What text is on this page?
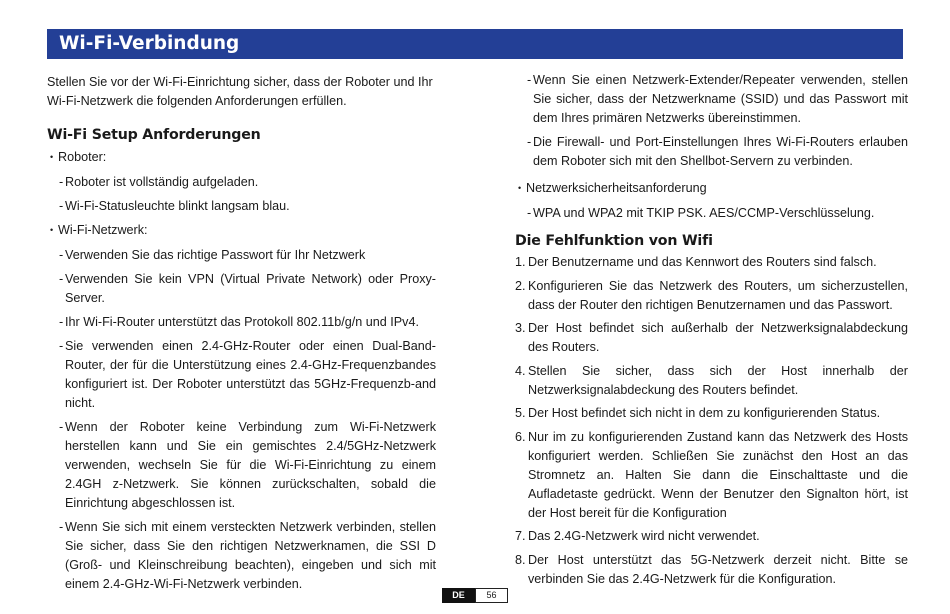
Wi-Fi-Verbindung

Stellen Sie vor der Wi-Fi-Einrichtung sicher, dass der Roboter und Ihr Wi-Fi-Netzwerk die folgenden Anforderungen erfüllen.

Wi-Fi Setup Anforderungen
• Roboter:
- Roboter ist vollständig aufgeladen.
- Wi-Fi-Statusleuchte blinkt langsam blau.
• Wi-Fi-Netzwerk:
- Verwenden Sie das richtige Passwort für Ihr Netzwerk
- Verwenden Sie kein VPN (Virtual Private Network) oder Proxy-Server.
- Ihr Wi-Fi-Router unterstützt das Protokoll 802.11b/g/n und IPv4.
- Sie verwenden einen 2.4-GHz-Router oder einen Dual-Band-Router, der für die Unterstützung eines 2.4-GHz-Frequenzbandes konfiguriert ist. Der Roboter unterstützt das 5GHz-Frequenzb-and nicht.
- Wenn der Roboter keine Verbindung zum Wi-Fi-Netzwerk herstellen kann und Sie ein gemischtes 2.4/5GHz-Netzwerk verwenden, wechseln Sie für die Wi-Fi-Einrichtung zu einem 2.4GH z-Netzwerk. Sie können zurückschalten, sobald die Einrichtung abgeschlossen ist.
- Wenn Sie sich mit einem versteckten Netzwerk verbinden, stellen Sie sicher, dass Sie den richtigen Netzwerknamen, die SSI D (Groß- und Kleinschreibung beachten), eingeben und sich mit einem 2.4-GHz-Wi-Fi-Netzwerk verbinden.
- Wenn Sie einen Netzwerk-Extender/Repeater verwenden, stellen Sie sicher, dass der Netzwerkname (SSID) und das Passwort mit dem Ihres primären Netzwerks übereinstimmen.
- Die Firewall- und Port-Einstellungen Ihres Wi-Fi-Routers erlauben dem Roboter sich mit den Shellbot-Servern zu verbinden.
• Netzwerksicherheitsanforderung
- WPA und WPA2 mit TKIP PSK. AES/CCMP-Verschlüsselung.
Die Fehlfunktion von Wifi
1. Der Benutzername und das Kennwort des Routers sind falsch.
2. Konfigurieren Sie das Netzwerk des Routers, um sicherzustellen, dass der Router den richtigen Benutzernamen und das Passwort.
3. Der Host befindet sich außerhalb der Netzwerksignalabdeckung des Routers.
4. Stellen Sie sicher, dass sich der Host innerhalb der Netzwerksignalabdeckung des Routers befindet.
5. Der Host befindet sich nicht in dem zu konfigurierenden Status.
6. Nur im zu konfigurierenden Zustand kann das Netzwerk des Hosts konfiguriert werden. Schließen Sie zunächst den Host an das Stromnetz an. Halten Sie dann die Einschalttaste und die Aufladetaste gedrückt. Wenn der Benutzer den Signalton hört, ist der Host bereit für die Konfiguration
7. Das 2.4G-Netzwerk wird nicht verwendet.
8. Der Host unterstützt das 5G-Netzwerk derzeit nicht. Bitte se verbinden Sie das 2.4G-Netzwerk für die Konfiguration.
DE	56
